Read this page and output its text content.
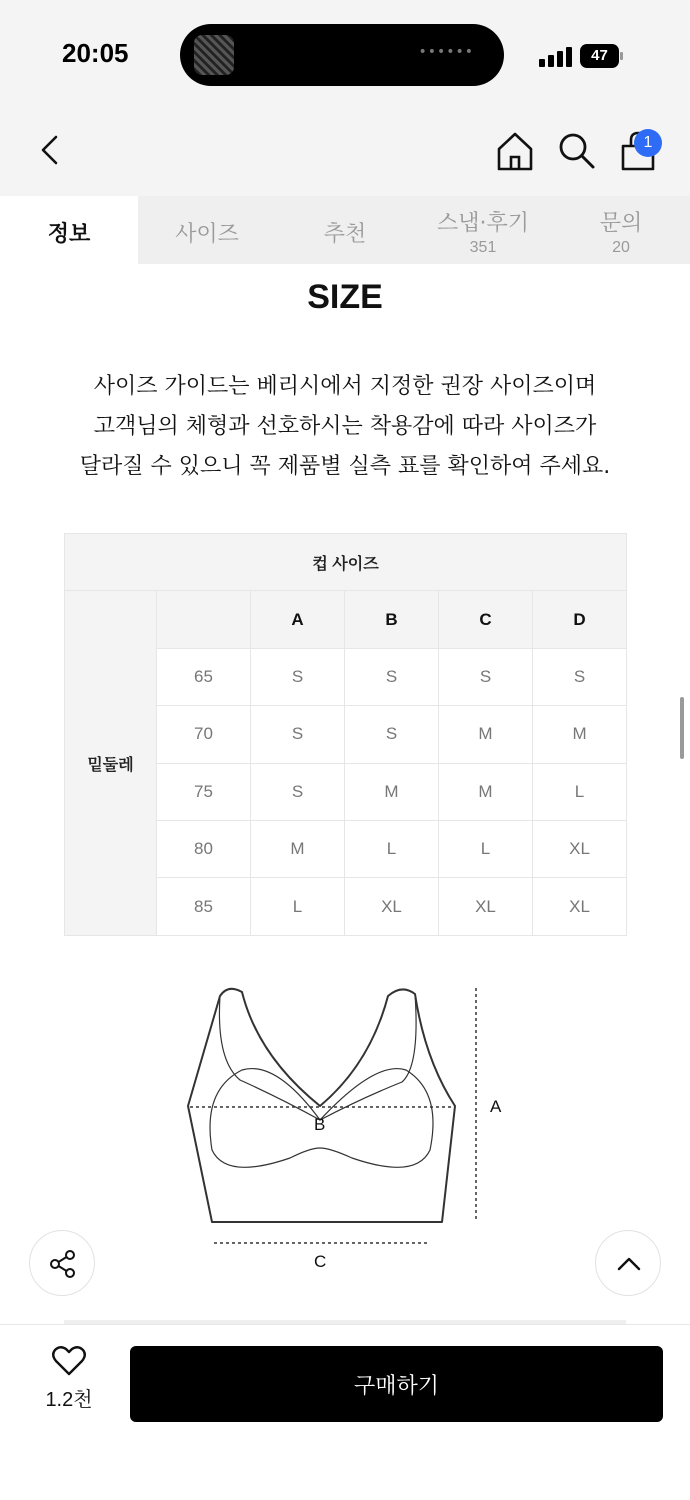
20:05	••••••	47
1
정보	사이즈	추천	스냅·후기
351
문의
20
SIZE
사이즈 가이드는 베리시에서 지정한 권장 사이즈이며
고객님의 체형과 선호하시는 착용감에 따라 사이즈가
달라질 수 있으니 꼭 제품별 실측 표를 확인하여 주세요.
컵 사이즈					
밑둘레		A	B	C	D
	65	S	S	S	S
	70	S	S	M	M
	75	S	M	M	L
	80	M	L	L	XL
	85	L	XL	XL	XL
A
B
C
1.2천
구매하기
